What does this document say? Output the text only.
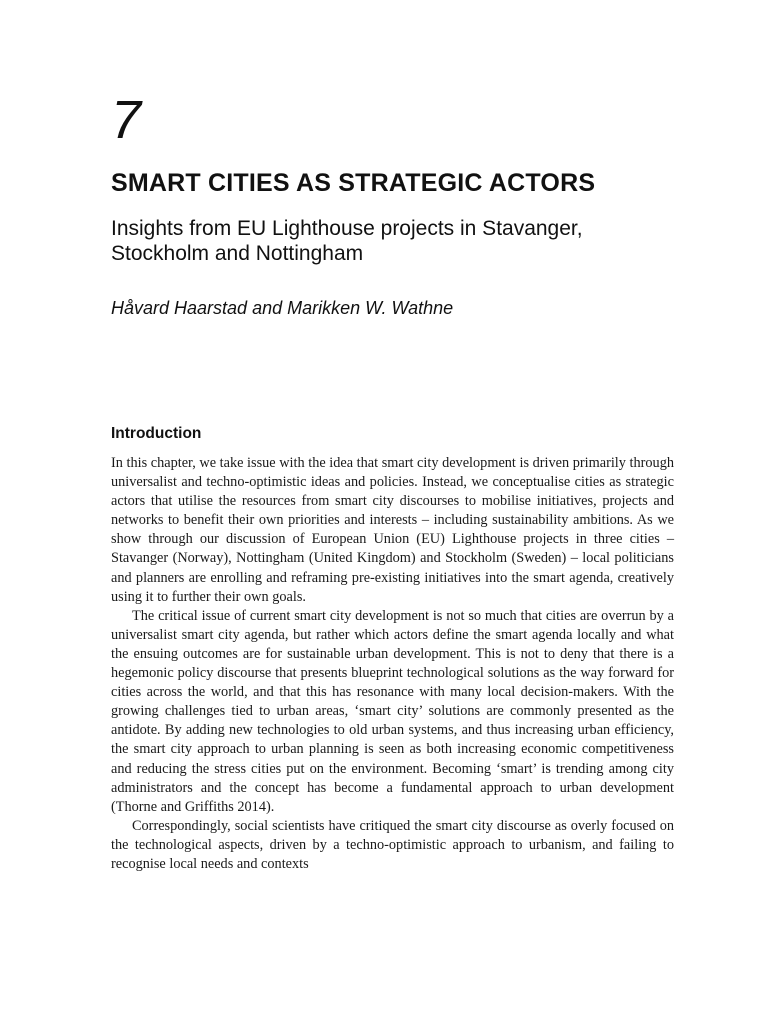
7
SMART CITIES AS STRATEGIC ACTORS
Insights from EU Lighthouse projects in Stavanger, Stockholm and Nottingham

Håvard Haarstad and Marikken W. Wathne

Introduction

In this chapter, we take issue with the idea that smart city development is driven primarily through universalist and techno-optimistic ideas and policies. Instead, we conceptualise cities as strategic actors that utilise the resources from smart city discourses to mobilise initiatives, projects and networks to benefit their own priorities and interests – including sustainability ambitions. As we show through our discussion of European Union (EU) Lighthouse projects in three cities – Stavanger (Norway), Nottingham (United Kingdom) and Stockholm (Sweden) – local politicians and planners are enrolling and reframing pre-existing initiatives into the smart agenda, creatively using it to further their own goals.

The critical issue of current smart city development is not so much that cities are overrun by a universalist smart city agenda, but rather which actors define the smart agenda locally and what the ensuing outcomes are for sustainable urban development. This is not to deny that there is a hegemonic policy discourse that presents blueprint technological solutions as the way forward for cities across the world, and that this has resonance with many local decision-makers. With the growing challenges tied to urban areas, ‘smart city’ solutions are commonly presented as the antidote. By adding new technologies to old urban systems, and thus increasing urban efficiency, the smart city approach to urban planning is seen as both increasing economic competitiveness and reducing the stress cities put on the environment. Becoming ‘smart’ is trending among city administrators and the concept has become a fundamental approach to urban development (Thorne and Griffiths 2014).

Correspondingly, social scientists have critiqued the smart city discourse as overly focused on the technological aspects, driven by a techno-optimistic approach to urbanism, and failing to recognise local needs and contexts
